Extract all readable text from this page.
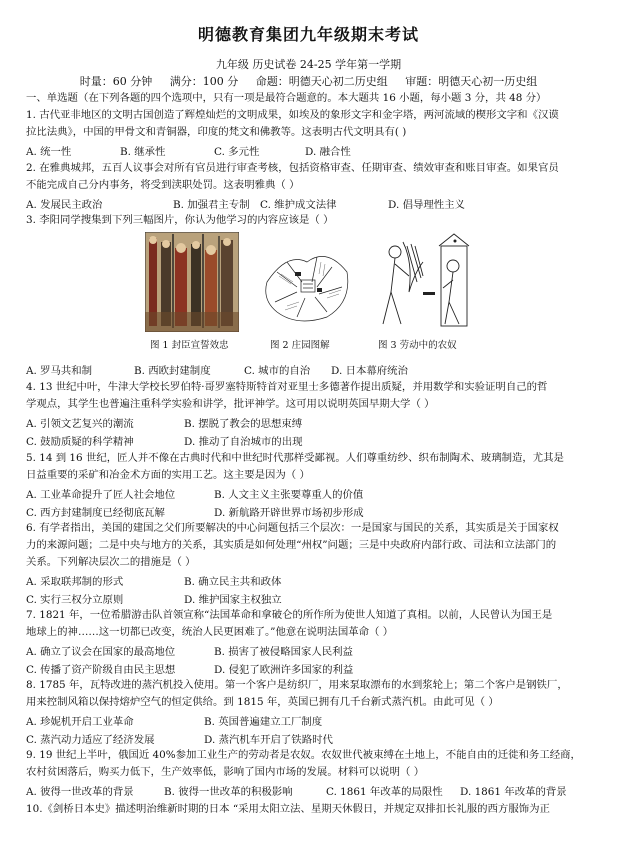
明德教育集团九年级期末考试
九年级 历史试卷 24-25 学年第一学期
时量：60 分钟 满分：100 分 命题：明德天心初二历史组 审题：明德天心初一历史组
一、单选题（在下列各题的四个选项中，只有一项是最符合题意的。本大题共 16 小题，每小题 3 分，共 48 分）
1. 古代亚非地区的文明古国创造了辉煌灿烂的文明成果，如埃及的象形文字和金字塔，两河流域的楔形文字和《汉谟
拉比法典》，中国的甲骨文和青铜器，印度的梵文和佛教等。这表明古代文明具有( )
A. 统一性	B. 继承性	C. 多元性	D. 融合性
2. 在雅典城邦，五百人议事会对所有官员进行审查考核，包括资格审查、任期审查、绩效审查和账目审查。如果官员
不能完成自己分内事务，将受到渎职处罚。这表明雅典（ ）
A. 发展民主政治	B. 加强君主专制 C. 维护成文法律	D. 倡导理性主义
3. 李阳同学搜集到下列三幅图片，你认为他学习的内容应该是（ ）
图 1 封臣宣誓效忠	图 2 庄园图解	图 3 劳动中的农奴
A. 罗马共和制	B. 西欧封建制度	C. 城市的自治 D. 日本幕府统治
4. 13 世纪中叶，牛津大学校长罗伯特·哥罗塞特斯特首对亚里士多德著作提出质疑，并用数学和实验证明自己的哲
学观点，其学生也普遍注重科学实验和讲学，批评神学。这可用以说明英国早期大学（ ）
A. 引领文艺复兴的潮流	B. 摆脱了教会的思想束缚
C. 鼓励质疑的科学精神	D. 推动了自治城市的出现
5. 14 到 16 世纪，匠人并不像在古典时代和中世纪时代那样受鄙视。人们尊重纺纱、织布制陶术、玻璃制造，尤其是
日益重要的采矿和冶金术方面的实用工艺。这主要是因为（ ）
A. 工业革命提升了匠人社会地位	B. 人文主义主张要尊重人的价值
C. 西方封建制度已经彻底瓦解	D. 新航路开辟世界市场初步形成
6. 有学者指出，美国的建国之父们所要解决的中心问题包括三个层次：一是国家与国民的关系，其实质是关于国家权
力的来源问题；二是中央与地方的关系，其实质是如何处理“州权”问题；三是中央政府内部行政、司法和立法部门的
关系。下列解决层次二的措施是（ ）
A. 采取联邦制的形式	B. 确立民主共和政体
C. 实行三权分立原则	D. 维护国家主权独立
7. 1821 年，一位希腊游击队首领宣称“法国革命和拿破仑的所作所为使世人知道了真相。以前，人民曾认为国王是
地球上的神……这一切都已改变，统治人民更困难了。”他意在说明法国革命（ ）
A. 确立了议会在国家的最高地位	B. 损害了被侵略国家人民利益
C. 传播了资产阶级自由民主思想	D. 侵犯了欧洲许多国家的利益
8. 1785 年，瓦特改进的蒸汽机投入使用。第一个客户是纺织厂，用来泵取漂布的水到浆轮上；第二个客户是钢铁厂，
用来控制风箱以保持熔炉空气的恒定供给。到 1815 年，英国已拥有几千台新式蒸汽机。由此可见（ ）
A. 珍妮机开启工业革命	B. 英国普遍建立工厂制度
C. 蒸汽动力适应了经济发展	D. 蒸汽机车开启了铁路时代
9. 19 世纪上半叶，俄国近 40%参加工业生产的劳动者是农奴。农奴世代被束缚在土地上，不能自由的迁徙和务工经商，
农村贫困落后，购买力低下，生产效率低，影响了国内市场的发展。材料可以说明（ ）
A. 彼得一世改革的背景	B. 彼得一世改革的积极影响	C. 1861 年改革的局限性 D. 1861 年改革的背景
10.《剑桥日本史》描述明治维新时期的日本 “采用太阳立法、星期天休假日，并规定双排扣长礼服的西方服饰为正
